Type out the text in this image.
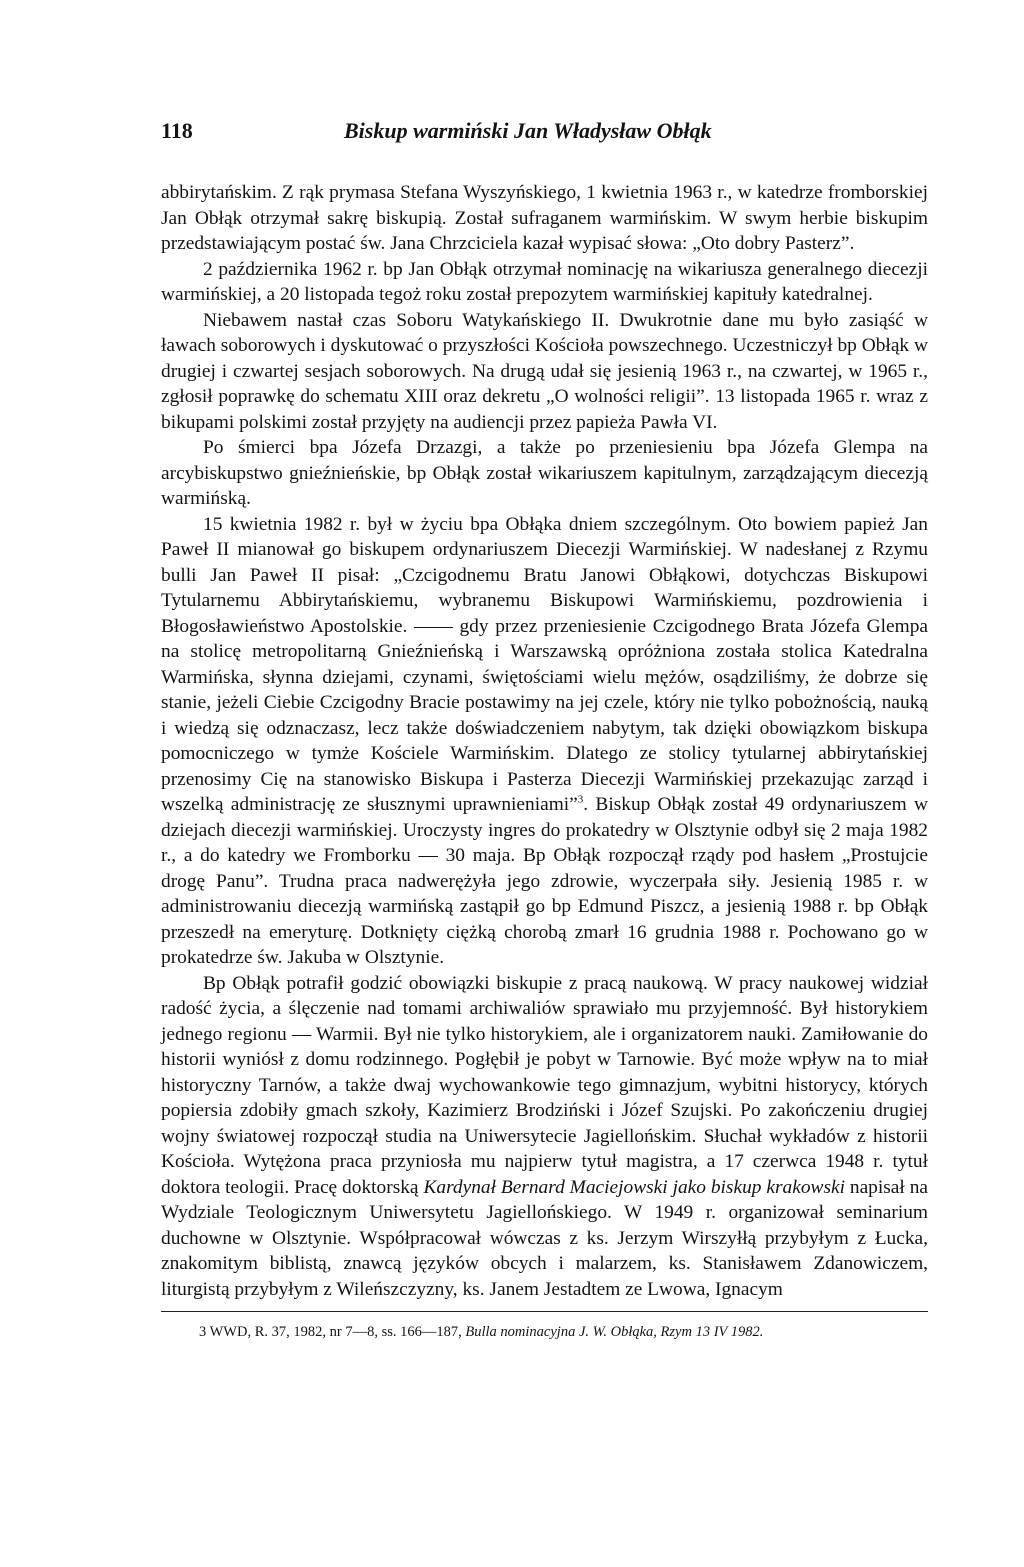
118	Biskup warmiński Jan Władysław Obłąk

abbirytańskim. Z rąk prymasa Stefana Wyszyńskiego, 1 kwietnia 1963 r., w katedrze fromborskiej Jan Obłąk otrzymał sakrę biskupią. Został sufraganem warmińskim. W swym herbie biskupim przedstawiającym postać św. Jana Chrzciciela kazał wypisać słowa: „Oto dobry Pasterz”.

2 października 1962 r. bp Jan Obłąk otrzymał nominację na wikariusza generalnego diecezji warmińskiej, a 20 listopada tegoż roku został prepozytem warmińskiej kapituły katedralnej.

Niebawem nastał czas Soboru Watykańskiego II. Dwukrotnie dane mu było zasiąść w ławach soborowych i dyskutować o przyszłości Kościoła powszechnego. Uczestniczył bp Obłąk w drugiej i czwartej sesjach soborowych. Na drugą udał się jesienią 1963 r., na czwartej, w 1965 r., zgłosił poprawkę do schematu XIII oraz dekretu „O wolności religii”. 13 listopada 1965 r. wraz z bikupami polskimi został przyjęty na audiencji przez papieża Pawła VI.

Po śmierci bpa Józefa Drzazgi, a także po przeniesieniu bpa Józefa Glempa na arcybiskupstwo gnieźnieńskie, bp Obłąk został wikariuszem kapitulnym, zarządzającym diecezją warmińską.

15 kwietnia 1982 r. był w życiu bpa Obłąka dniem szczególnym. Oto bowiem papież Jan Paweł II mianował go biskupem ordynariuszem Diecezji Warmińskiej. W nadesłanej z Rzymu bulli Jan Paweł II pisał: „Czcigodnemu Bratu Janowi Obłąkowi, dotychczas Biskupowi Tytularnemu Abbirytańskiemu, wybranemu Biskupowi Warmińskiemu, pozdrowienia i Błogosławieństwo Apostolskie. —— gdy przez przeniesienie Czcigodnego Brata Józefa Glempa na stolicę metropolitarną Gnieźnieńską i Warszawską opróżniona została stolica Katedralna Warmińska, słynna dziejami, czynami, świętościami wielu mężów, osądziliśmy, że dobrze się stanie, jeżeli Ciebie Czcigodny Bracie postawimy na jej czele, który nie tylko pobożnością, nauką i wiedzą się odznaczasz, lecz także doświadczeniem nabytym, tak dzięki obowiązkom biskupa pomocniczego w tymże Kościele Warmińskim. Dlatego ze stolicy tytularnej abbirytańskiej przenosimy Cię na stanowisko Biskupa i Pasterza Diecezji Warmińskiej przekazując zarząd i wszelką administrację ze słusznymi uprawnieniami”$^3$. Biskup Obłąk został 49 ordynariuszem w dziejach diecezji warmińskiej. Uroczysty ingres do prokatedry w Olsztynie odbył się 2 maja 1982 r., a do katedry we Fromborku — 30 maja. Bp Obłąk rozpoczął rządy pod hasłem „Prostujcie drogę Panu”. Trudna praca nadwerężyła jego zdrowie, wyczerpała siły. Jesienią 1985 r. w administrowaniu diecezją warmińską zastąpił go bp Edmund Piszcz, a jesienią 1988 r. bp Obłąk przeszedł na emeryturę. Dotknięty ciężką chorobą zmarł 16 grudnia 1988 r. Pochowano go w prokatedrze św. Jakuba w Olsztynie.

Bp Obłąk potrafił godzić obowiązki biskupie z pracą naukową. W pracy naukowej widział radość życia, a ślęczenie nad tomami archiwaliów sprawiało mu przyjemność. Był historykiem jednego regionu — Warmii. Był nie tylko historykiem, ale i organizatorem nauki. Zamiłowanie do historii wyniósł z domu rodzinnego. Pogłębił je pobyt w Tarnowie. Być może wpływ na to miał historyczny Tarnów, a także dwaj wychowankowie tego gimnazjum, wybitni historycy, których popiersia zdobiły gmach szkoły, Kazimierz Brodziński i Józef Szujski. Po zakończeniu drugiej wojny światowej rozpoczął studia na Uniwersytecie Jagiellońskim. Słuchał wykładów z historii Kościoła. Wytężona praca przyniosła mu najpierw tytuł magistra, a 17 czerwca 1948 r. tytuł doktora teologii. Pracę doktorską Kardynał Bernard Maciejowski jako biskup krakowski napisał na Wydziale Teologicznym Uniwersytetu Jagiellońskiego. W 1949 r. organizował seminarium duchowne w Olsztynie. Współpracował wówczas z ks. Jerzym Wirszyłłą przybyłym z Łucka, znakomitym biblistą, znawcą języków obcych i malarzem, ks. Stanisławem Zdanowiczem, liturgistą przybyłym z Wileńszczyzny, ks. Janem Jestadtem ze Lwowa, Ignacym

3 WWD, R. 37, 1982, nr 7—8, ss. 166—187, Bulla nominacyjna J. W. Obłąka, Rzym 13 IV 1982.
